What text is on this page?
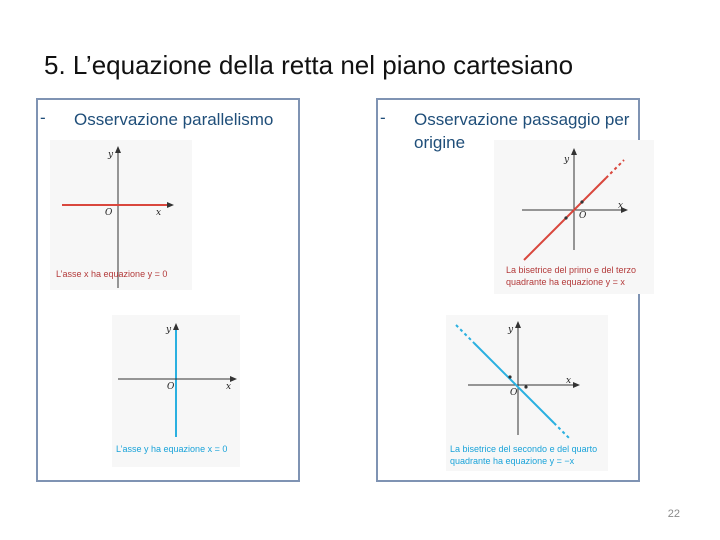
5. L’equazione della retta nel piano cartesiano
- Osservazione parallelismo
y
O	x
L’asse x ha equazione y = 0
y
O	x
L’asse y ha equazione x = 0
- Osservazione passaggio per origine
y
O
x
La bisetrice del primo e del terzo
quadrante ha equazione y = x
y
O
x
La bisetrice del secondo e del quarto
quadrante ha equazione y = −x
22
